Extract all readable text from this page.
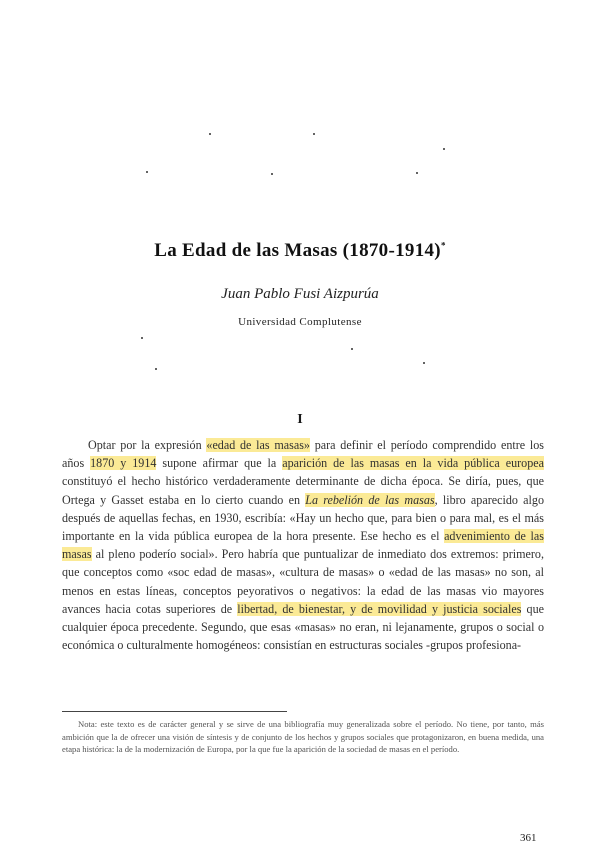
La Edad de las Masas (1870-1914)*
Juan Pablo Fusi Aizpurúa
Universidad Complutense
I

Optar por la expresión «edad de las masas» para definir el período comprendido entre los años 1870 y 1914 supone afirmar que la aparición de las masas en la vida pública europea constituyó el hecho histórico verdaderamente determinante de dicha época. Se diría, pues, que Ortega y Gasset estaba en lo cierto cuando en La rebelión de las masas, libro aparecido algo después de aquellas fechas, en 1930, escribía: «Hay un hecho que, para bien o para mal, es el más importante en la vida pública europea de la hora presente. Ese hecho es el advenimiento de las masas al pleno poderío social». Pero habría que puntualizar de inmediato dos extremos: primero, que conceptos como «soc edad de masas», «cultura de masas» o «edad de las masas» no son, al menos en estas líneas, conceptos peyorativos o negativos: la edad de las masas vio mayores avances hacia cotas superiores de libertad, de bienestar, y de movilidad y justicia sociales que cualquier época precedente. Segundo, que esas «masas» no eran, ni lejanamente, grupos o social o económica o culturalmente homogéneos: consistían en estructuras sociales -grupos profesiona-

Nota: este texto es de carácter general y se sirve de una bibliografía muy generalizada sobre el período. No tiene, por tanto, más ambición que la de ofrecer una visión de síntesis y de conjunto de los hechos y grupos sociales que protagonizaron, en buena medida, una etapa histórica: la de la modernización de Europa, por la que fue la aparición de la sociedad de masas en el período.

361
